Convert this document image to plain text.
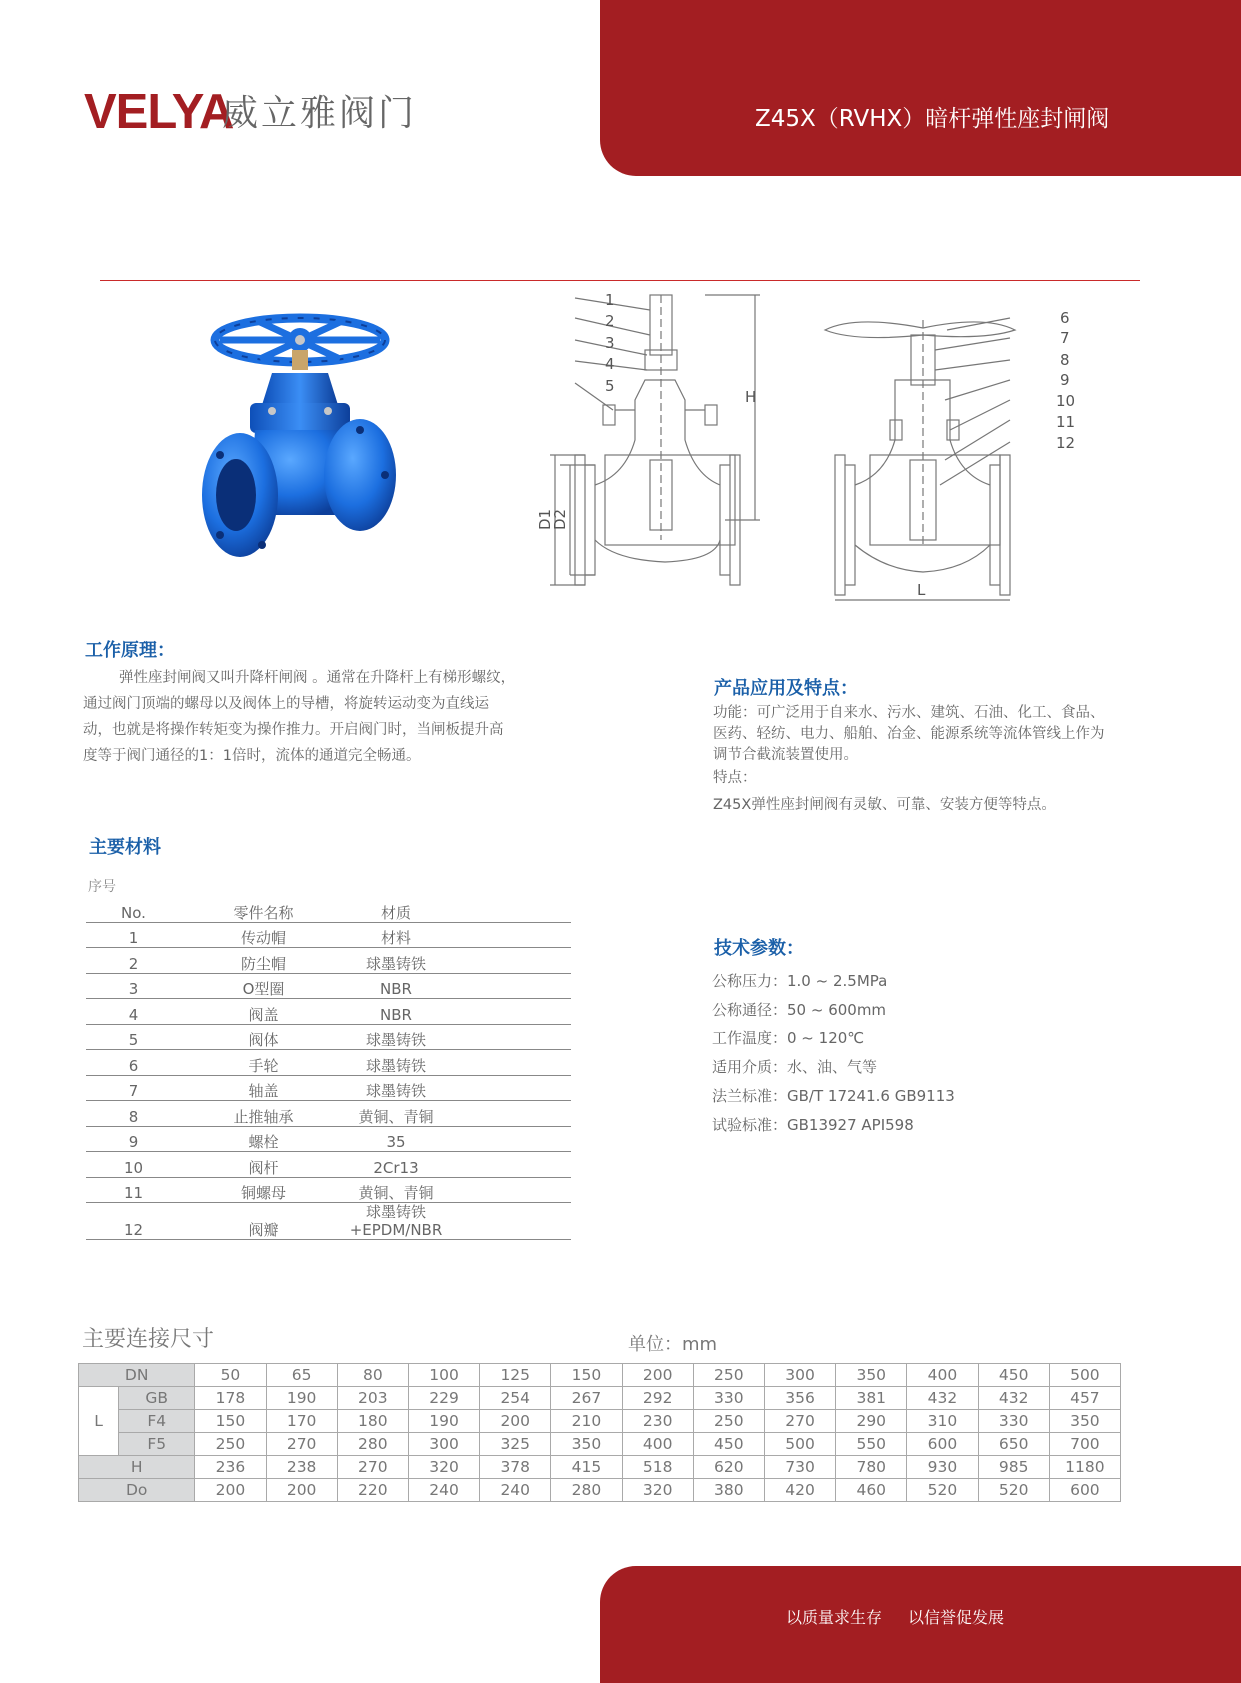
VELYA
威立雅阀门	Z45X（RVHX）暗杆弹性座封闸阀
1
2
3
4
5
6
7
8
9
10
11
12
H
D1
D2
L
工作原理：
弹性座封闸阀又叫升降杆闸阀 。通常在升降杆上有梯形螺纹，
通过阀门顶端的螺母以及阀体上的导槽，将旋转运动变为直线运
动，也就是将操作转矩变为操作推力。开启阀门时，当闸板提升高
度等于阀门通径的1：1倍时，流体的通道完全畅通。
产品应用及特点：
功能：可广泛用于自来水、污水、建筑、石油、化工、食品、
医药、轻纺、电力、船舶、冶金、能源系统等流体管线上作为
调节合截流装置使用。
特点：
Z45X弹性座封闸阀有灵敏、可靠、安装方便等特点。
主要材料
序号
No.	零件名称	材质	
1	传动帽	材料	
2	防尘帽	球墨铸铁	
3	O型圈	NBR	
4	阀盖	NBR	
5	阀体	球墨铸铁	
6	手轮	球墨铸铁	
7	轴盖	球墨铸铁	
8	止推轴承	黄铜、青铜	
9	螺栓	35	
10	阀杆	2Cr13	
11	铜螺母	黄铜、青铜	
12	阀瓣	球墨铸铁+EPDM/NBR	
技术参数：
公称压力：1.0 ~ 2.5MPa
公称通径：50 ~ 600mm
工作温度：0 ~ 120℃
适用介质：水、油、气等
法兰标准：GB/T 17241.6 GB9113
试验标准：GB13927 API598
主要连接尺寸	单位：mm
DN		50	65	80	100	125	150	200	250	300	350	400	450	500
L	GB	178	190	203	229	254	267	292	330	356	381	432	432	457
	F4	150	170	180	190	200	210	230	250	270	290	310	330	350
	F5	250	270	280	300	325	350	400	450	500	550	600	650	700
H		236	238	270	320	378	415	518	620	730	780	930	985	1180
Do		200	200	220	240	240	280	320	380	420	460	520	520	600
以质量求生存 以信誉促发展
